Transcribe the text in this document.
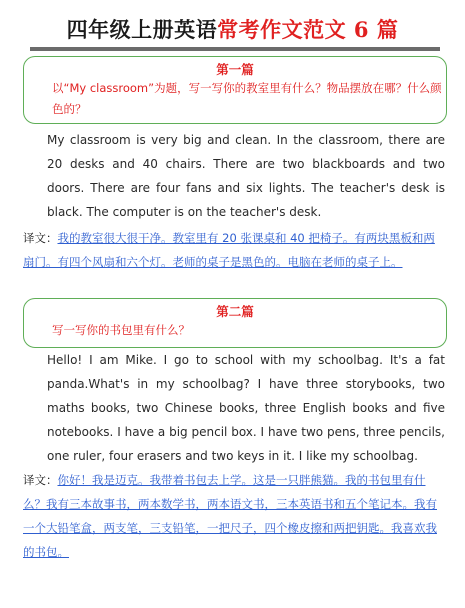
四年级上册英语常考作文范文 6 篇
第一篇
以“My classroom”为题，写一写你的教室里有什么？物品摆放在哪？什么颜色的？
My classroom is very big and clean. In the classroom, there are 20 desks and 40 chairs. There are two blackboards and two doors. There are four fans and six lights. The teacher's desk is black. The computer is on the teacher's desk.
译文：我的教室很大很干净。教室里有 20 张课桌和 40 把椅子。有两块黑板和两扇门。有四个风扇和六个灯。老师的桌子是黑色的。电脑在老师的桌子上。
第二篇
写一写你的书包里有什么？
Hello! I am Mike. I go to school with my schoolbag. It's a fat panda.What's in my schoolbag? I have three storybooks, two maths books, two Chinese books, three English books and five notebooks. I have a big pencil box. I have two pens, three pencils, one ruler, four erasers and two keys in it. I like my schoolbag.
译文：你好！我是迈克。我带着书包去上学。这是一只胖熊猫。我的书包里有什么？我有三本故事书，两本数学书，两本语文书，三本英语书和五个笔记本。我有一个大铅笔盒，两支笔，三支铅笔，一把尺子，四个橡皮擦和两把钥匙。我喜欢我的书包。
